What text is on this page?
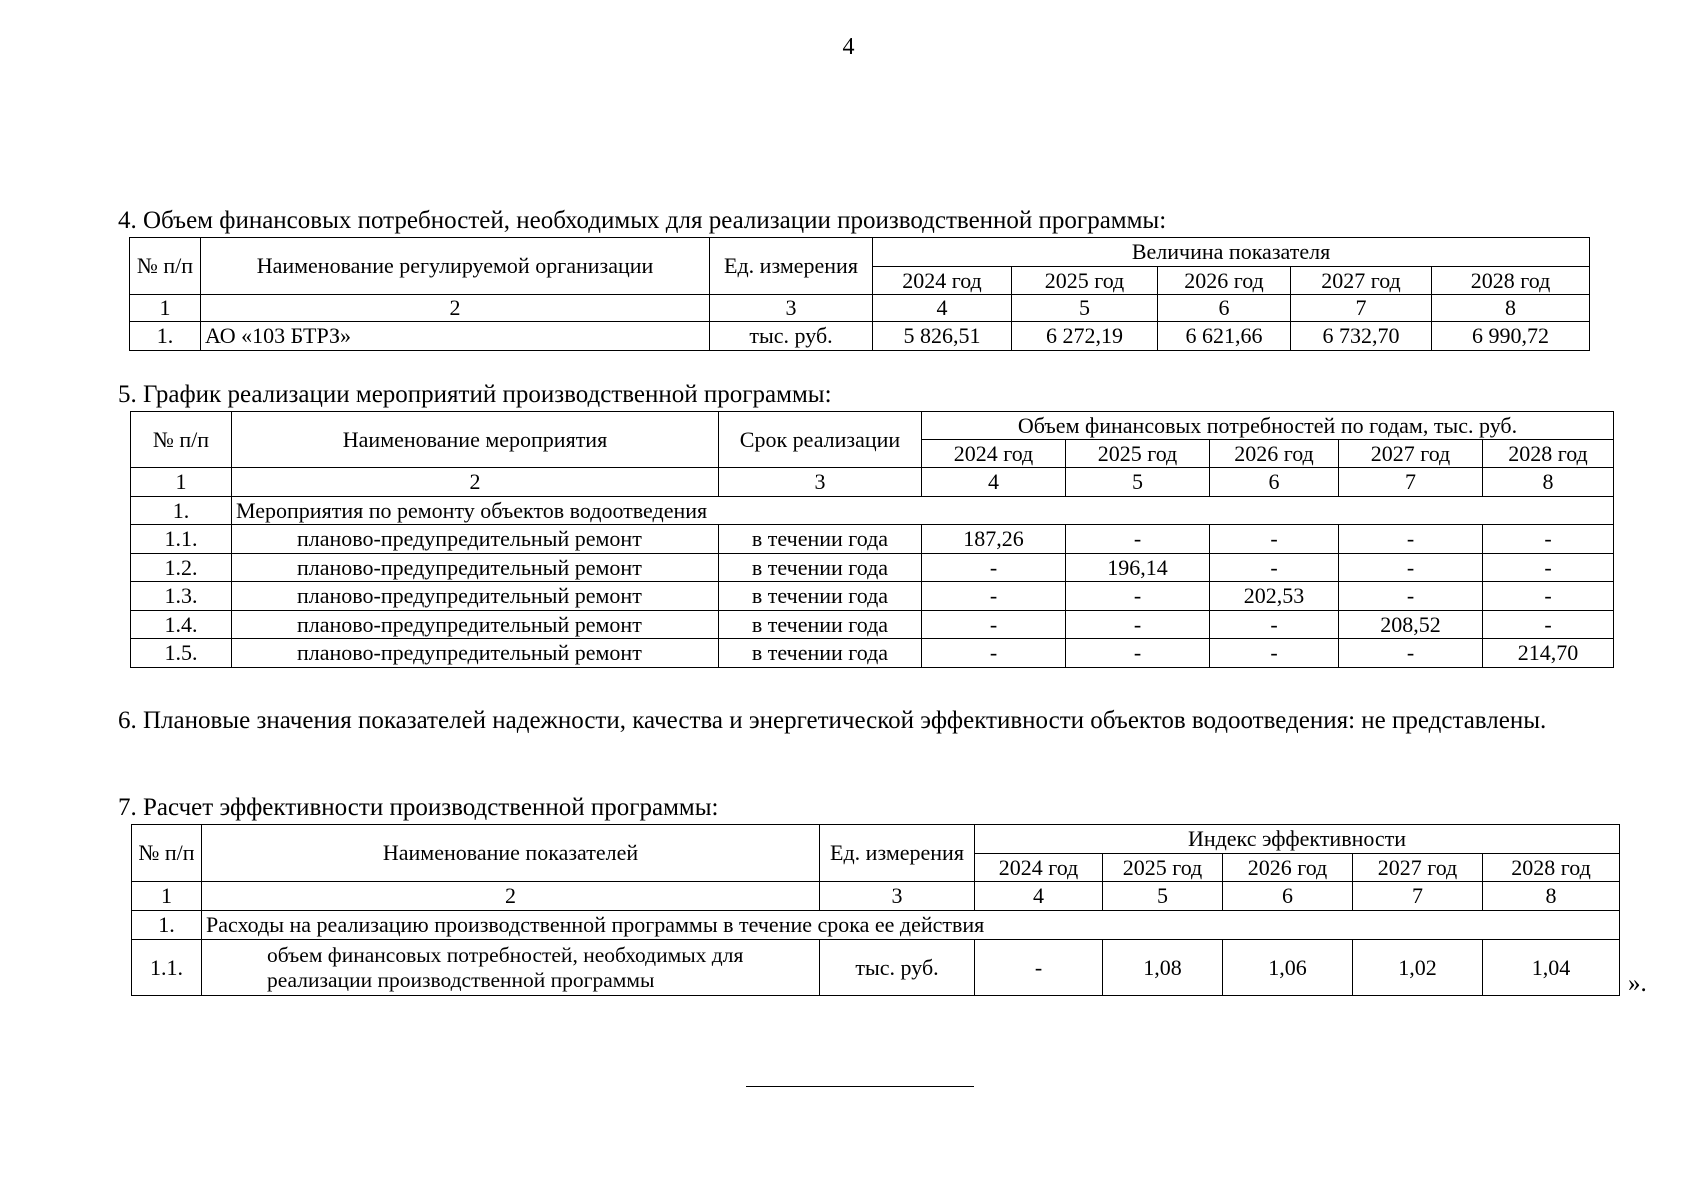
4
4. Объем финансовых потребностей, необходимых для реализации производственной программы:
№ п/п	Наименование регулируемой организации	Ед. измерения	Величина показателя				
			2024 год	2025 год	2026 год	2027 год	2028 год
1	2	3	4	5	6	7	8
1.	АО «103 БТРЗ»	тыс. руб.	5 826,51	6 272,19	6 621,66	6 732,70	6 990,72
5. График реализации мероприятий производственной программы:
№ п/п	Наименование мероприятия	Срок реализации	Объем финансовых потребностей по годам, тыс. руб.				
			2024 год	2025 год	2026 год	2027 год	2028 год
1	2	3	4	5	6	7	8
1.	Мероприятия по ремонту объектов водоотведения						
1.1.	планово-предупредительный ремонт	в течении года	187,26	-	-	-	-
1.2.	планово-предупредительный ремонт	в течении года	-	196,14	-	-	-
1.3.	планово-предупредительный ремонт	в течении года	-	-	202,53	-	-
1.4.	планово-предупредительный ремонт	в течении года	-	-	-	208,52	-
1.5.	планово-предупредительный ремонт	в течении года	-	-	-	-	214,70

6. Плановые значения показателей надежности, качества и энергетической эффективности объектов водоотведения: не представлены.

7. Расчет эффективности производственной программы:
№ п/п	Наименование показателей	Ед. измерения	Индекс эффективности				
			2024 год	2025 год	2026 год	2027 год	2028 год
1	2	3	4	5	6	7	8
1.	Расходы на реализацию производственной программы в течение срока ее действия						
1.1.	объем финансовых потребностей, необходимых для реализации производственной программы	тыс. руб.	-	1,08	1,06	1,02	1,04
».
